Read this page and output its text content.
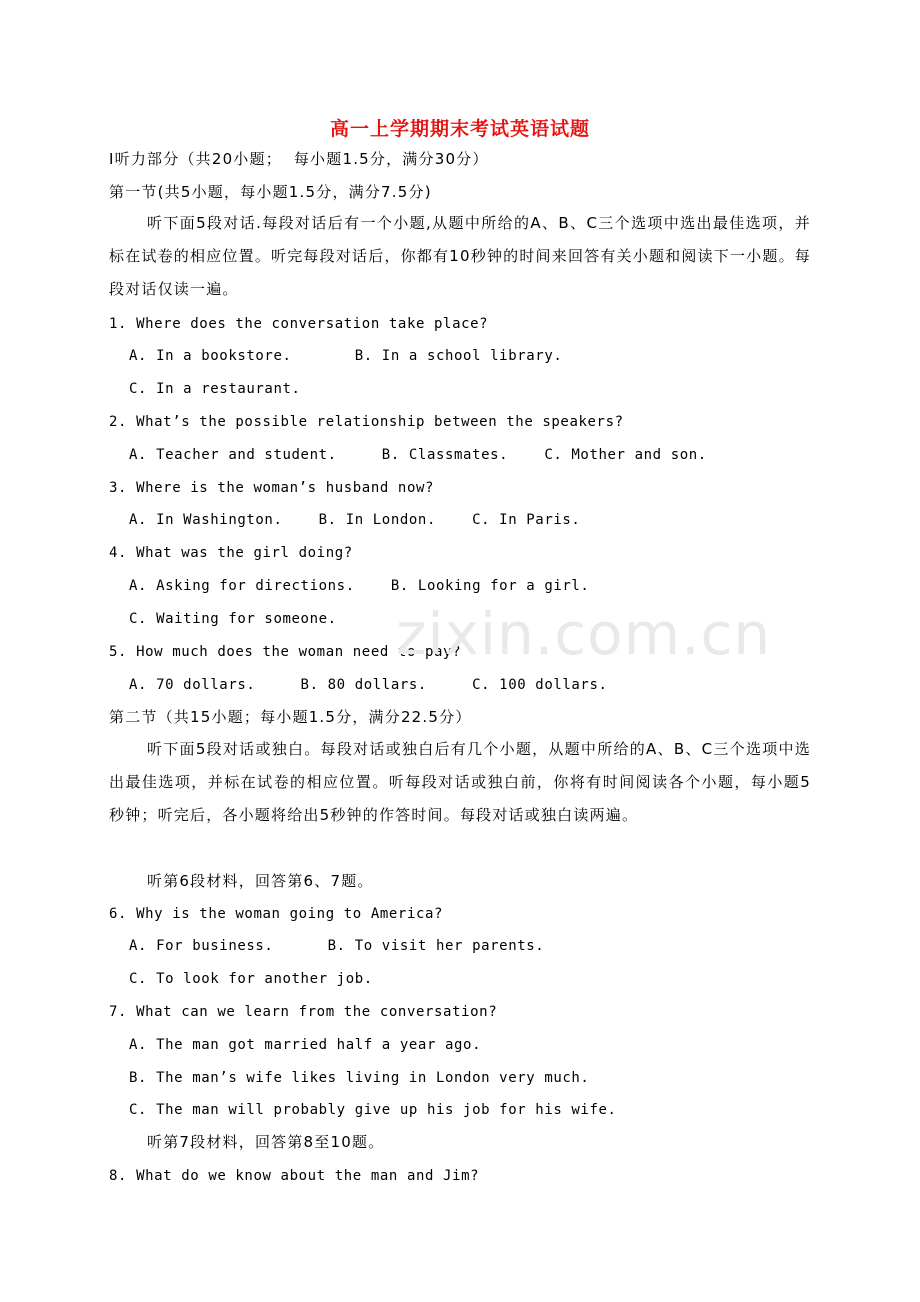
高一上学期期末考试英语试题
Ⅰ听力部分（共20小题；  每小题1.5分，满分30分）
第一节(共5小题，每小题1.5分，满分7.5分)
听下面5段对话.每段对话后有一个小题,从题中所给的A、B、C三个选项中选出最佳选项，并标在试卷的相应位置。听完每段对话后，你都有10秒钟的时间来回答有关小题和阅读下一小题。每段对话仅读一遍。
1. Where does the conversation take place?
A. In a bookstore.       B. In a school library.
C. In a restaurant.
2. What’s the possible relationship between the speakers?
A. Teacher and student.     B. Classmates.    C. Mother and son.
3. Where is the woman’s husband now?
A. In Washington.    B. In London.    C. In Paris.
4. What was the girl doing?
A. Asking for directions.    B. Looking for a girl.
C. Waiting for someone.
5. How much does the woman need to pay?
A. 70 dollars.     B. 80 dollars.     C. 100 dollars.
第二节（共15小题；每小题1.5分，满分22.5分）
听下面5段对话或独白。每段对话或独白后有几个小题，从题中所给的A、B、C三个选项中选出最佳选项，并标在试卷的相应位置。听每段对话或独白前，你将有时间阅读各个小题，每小题5秒钟；听完后，各小题将给出5秒钟的作答时间。每段对话或独白读两遍。
听第6段材料，回答第6、7题。
6. Why is the woman going to America?
A. For business.      B. To visit her parents.
C. To look for another job.
7. What can we learn from the conversation?
A. The man got married half a year ago.
B. The man’s wife likes living in London very much.
C. The man will probably give up his job for his wife.
听第7段材料，回答第8至10题。
8. What do we know about the man and Jim?
zixin.com.cn
